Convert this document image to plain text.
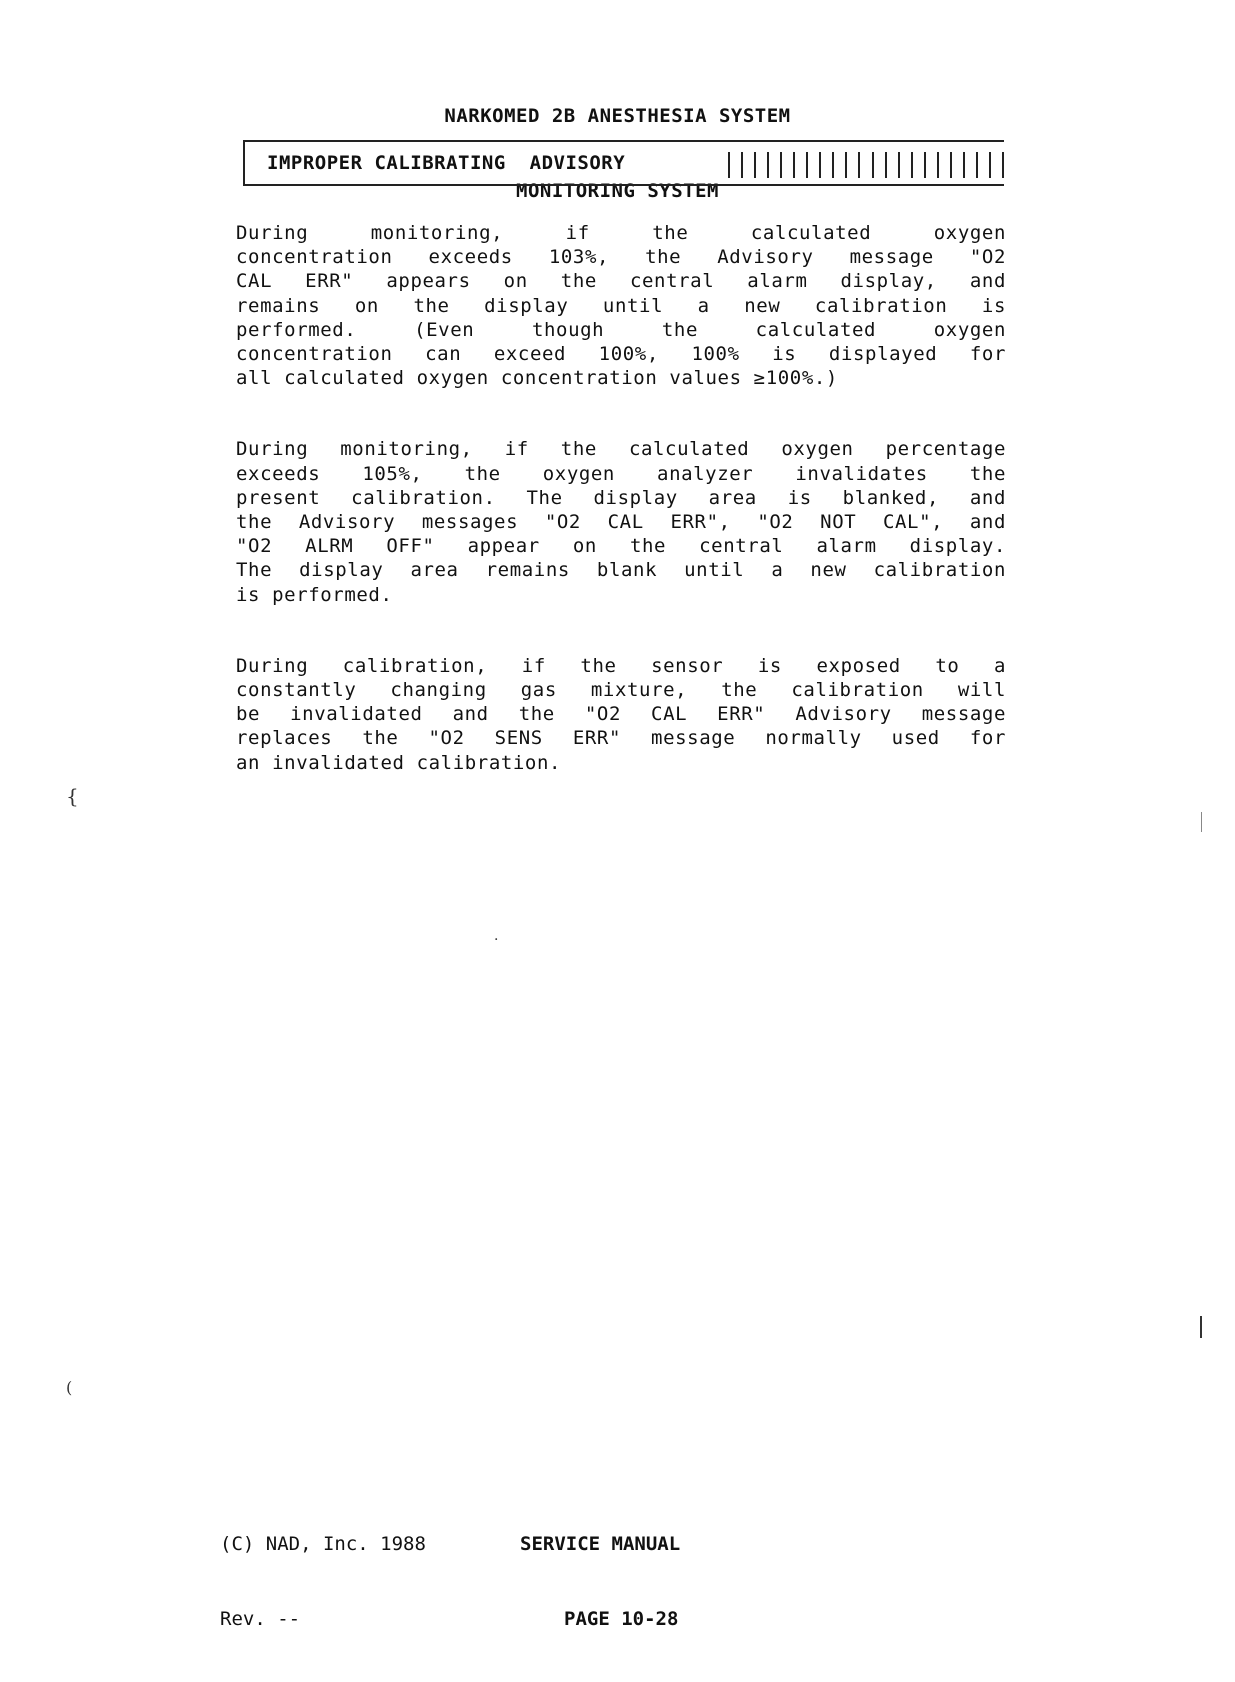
NARKOMED 2B ANESTHESIA SYSTEM

MONITORING SYSTEM

IMPROPER CALIBRATING  ADVISORY
During monitoring, if the calculated oxygen
concentration exceeds 103%, the Advisory message "O2
CAL ERR" appears on the central alarm display, and
remains on the display until a new calibration is
performed. (Even though the calculated oxygen
concentration can exceed 100%, 100% is displayed for
all calculated oxygen concentration values ≥100%.)
During monitoring, if the calculated oxygen percentage
exceeds 105%, the oxygen analyzer invalidates the
present calibration. The display area is blanked, and
the Advisory messages "O2 CAL ERR", "O2 NOT CAL", and
"O2 ALRM OFF" appear on the central alarm display.
The display area remains blank until a new calibration
is performed.
During calibration, if the sensor is exposed to a
constantly changing gas mixture, the calibration will
be invalidated and the "O2 CAL ERR" Advisory message
replaces the "O2 SENS ERR" message normally used for
an invalidated calibration.

(C) NAD, Inc. 1988	SERVICE MANUAL

Rev. --	PAGE 10-28

{
(
·
